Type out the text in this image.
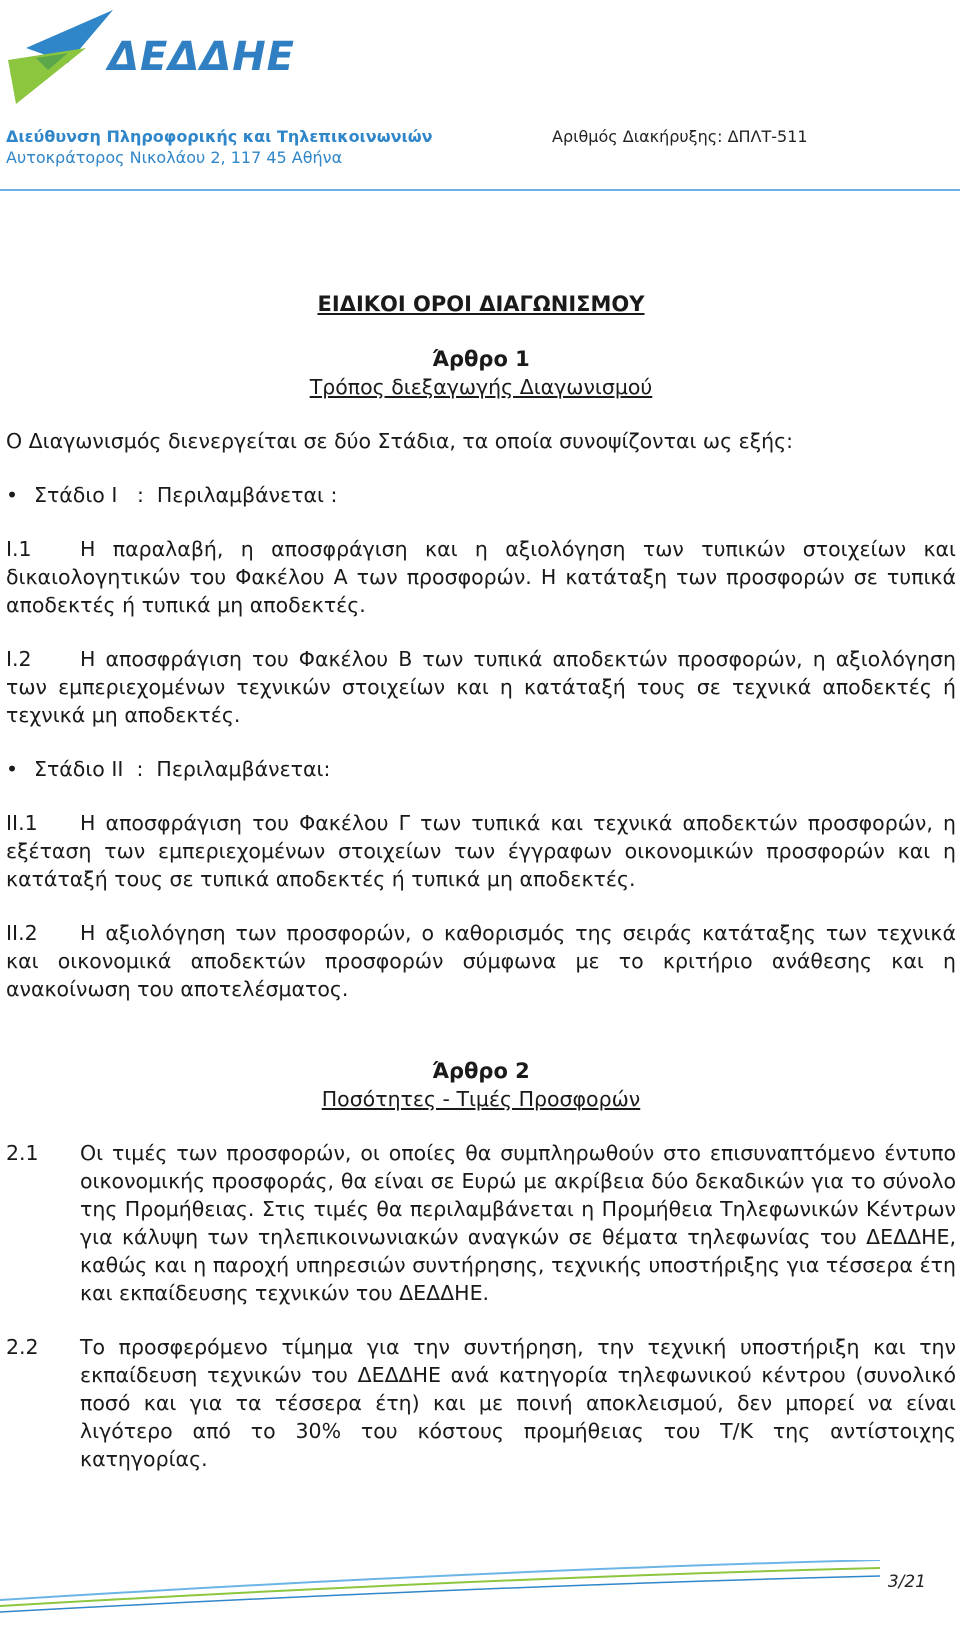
ΔΕΔΔΗΕ
Διεύθυνση Πληροφορικής και Τηλεπικοινωνιών
Αυτοκράτορος Νικολάου 2, 117 45 Αθήνα
Αριθμός Διακήρυξης: ΔΠΛΤ-511

ΕΙΔΙΚΟΙ ΟΡΟΙ ΔΙΑΓΩΝΙΣΜΟΥ

Άρθρο 1

Τρόπος διεξαγωγής Διαγωνισμού

Ο Διαγωνισμός διενεργείται σε δύο Στάδια, τα οποία συνοψίζονται ως εξής:

• Στάδιο Ι   :  Περιλαμβάνεται :

Ι.1 Η παραλαβή, η αποσφράγιση και η αξιολόγηση των τυπικών στοιχείων και δικαιολογητικών του Φακέλου Α των προσφορών. Η κατάταξη των προσφορών σε τυπικά αποδεκτές ή τυπικά μη αποδεκτές.

Ι.2 Η αποσφράγιση του Φακέλου Β των τυπικά αποδεκτών προσφορών, η αξιολόγηση των εμπεριεχομένων τεχνικών στοιχείων και η κατάταξή τους σε τεχνικά αποδεκτές ή τεχνικά μη αποδεκτές.

• Στάδιο ΙΙ  :  Περιλαμβάνεται:

ΙΙ.1 Η αποσφράγιση του Φακέλου Γ των τυπικά και τεχνικά αποδεκτών προσφορών, η εξέταση των εμπεριεχομένων στοιχείων των έγγραφων οικονομικών προσφορών και η κατάταξή τους σε τυπικά αποδεκτές ή τυπικά μη αποδεκτές.

ΙΙ.2 Η αξιολόγηση των προσφορών, ο καθορισμός της σειράς κατάταξης των τεχνικά και οικονομικά αποδεκτών προσφορών σύμφωνα με το κριτήριο ανάθεσης και η ανακοίνωση του αποτελέσματος.

Άρθρο 2

Ποσότητες - Τιμές Προσφορών

2.1 Οι τιμές των προσφορών, οι οποίες θα συμπληρωθούν στο επισυναπτόμενο έντυπο οικονομικής προσφοράς, θα είναι σε Ευρώ με ακρίβεια δύο δεκαδικών για το σύνολο της Προμήθειας. Στις τιμές θα περιλαμβάνεται η Προμήθεια Τηλεφωνικών Κέντρων για κάλυψη των τηλεπικοινωνιακών αναγκών σε θέματα τηλεφωνίας του ΔΕΔΔΗΕ, καθώς και η παροχή υπηρεσιών συντήρησης, τεχνικής υποστήριξης για τέσσερα έτη και εκπαίδευσης τεχνικών του ΔΕΔΔΗΕ.
2.2 Το προσφερόμενο τίμημα για την συντήρηση, την τεχνική υποστήριξη και την εκπαίδευση τεχνικών του ΔΕΔΔΗΕ ανά κατηγορία τηλεφωνικού κέντρου (συνολικό ποσό και για τα τέσσερα έτη) και με ποινή αποκλεισμού, δεν μπορεί να είναι λιγότερο από το 30% του κόστους προμήθειας του Τ/Κ της αντίστοιχης κατηγορίας.
3/21
